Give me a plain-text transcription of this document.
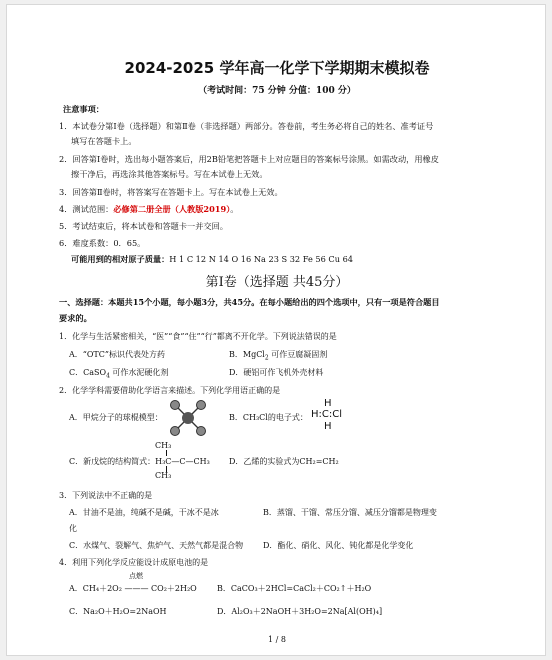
2024-2025 学年高一化学下学期期末模拟卷
（考试时间：75 分钟 分值：100 分）
注意事项：
1．本试卷分第Ⅰ卷（选择题）和第Ⅱ卷（非选择题）两部分。答卷前，考生务必将自己的姓名、准考证号
填写在答题卡上。
2．回答第Ⅰ卷时，选出每小题答案后，用2B铅笔把答题卡上对应题目的答案标号涂黑。如需改动，用橡皮
擦干净后，再选涂其他答案标号。写在本试卷上无效。
3．回答第Ⅱ卷时，将答案写在答题卡上。写在本试卷上无效。
4．测试范围：必修第二册全册（人教版2019）。
5．考试结束后，将本试卷和答题卡一并交回。
6．难度系数：0．65。
可能用到的相对原子质量：H 1 C 12 N 14 O 16 Na 23 S 32 Fe 56 Cu 64
第Ⅰ卷（选择题 共45分）
一、选择题：本题共15个小题，每小题3分，共45分。在每小题给出的四个选项中，只有一项是符合题目
要求的。
1．化学与生活紧密相关，“医”“食”“住”“行”都离不开化学。下列说法错误的是
A．“OTC”标识代表处方药	B．MgCl$_2$ 可作豆腐凝固剂
C．CaSO$_4$ 可作水泥硬化剂	D．硬铝可作飞机外壳材料
2．化学学科需要借助化学语言来描述。下列化学用语正确的是
A．甲烷分子的球棍模型：	B．CH₃Cl的电子式：
H
H:C:Cl
H
CH₃
C．新戊烷的结构简式：H₃C—C—CH₃
CH₃
D．乙烯的实验式为CH₂=CH₂
3．下列说法中不正确的是
A．甘油不是油，纯碱不是碱，干冰不是冰	B．蒸馏、干馏、常压分馏、减压分馏都是物理变
化
C．水煤气、裂解气、焦炉气、天然气都是混合物 D．酯化、硝化、风化、钝化都是化学变化
4．利用下列化学反应能设计成原电池的是
点燃
A．CH₄＋2O₂ ——— CO₂＋2H₂O	B．CaCO₃＋2HCl=CaCl₂＋CO₂↑＋H₂O
C．Na₂O＋H₂O=2NaOH	D．Al₂O₃＋2NaOH＋3H₂O=2Na[Al(OH)₄]
1 / 8
